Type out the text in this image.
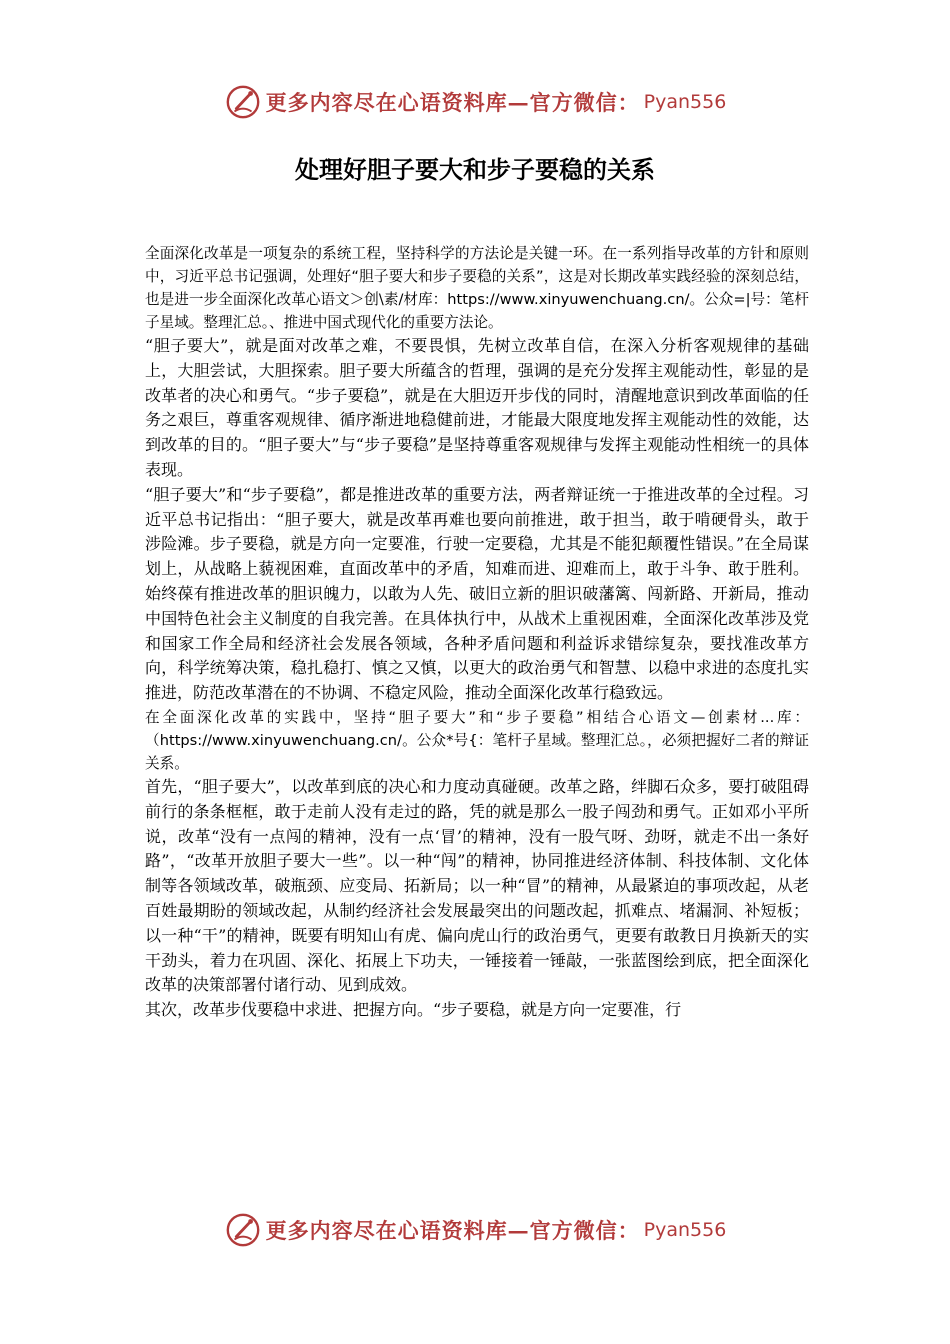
更多内容尽在心语资料库—官方微信： Pyan556
处理好胆子要大和步子要稳的关系

全面深化改革是一项复杂的系统工程，坚持科学的方法论是关键一环。在一系列指导改革的方针和原则中，习近平总书记强调，处理好“胆子要大和步子要稳的关系”，这是对长期改革实践经验的深刻总结，也是进一步全面深化改革心语文＞创\素/材库：https://www.xinyuwenchuang.cn/。公众=|号：笔杆子星域。整理汇总。、推进中国式现代化的重要方法论。

“胆子要大”，就是面对改革之难，不要畏惧，先树立改革自信，在深入分析客观规律的基础上，大胆尝试，大胆探索。胆子要大所蕴含的哲理，强调的是充分发挥主观能动性，彰显的是改革者的决心和勇气。“步子要稳”，就是在大胆迈开步伐的同时，清醒地意识到改革面临的任务之艰巨，尊重客观规律、循序渐进地稳健前进，才能最大限度地发挥主观能动性的效能，达到改革的目的。“胆子要大”与“步子要稳”是坚持尊重客观规律与发挥主观能动性相统一的具体表现。

“胆子要大”和“步子要稳”，都是推进改革的重要方法，两者辩证统一于推进改革的全过程。习近平总书记指出：“胆子要大，就是改革再难也要向前推进，敢于担当，敢于啃硬骨头，敢于涉险滩。步子要稳，就是方向一定要准，行驶一定要稳，尤其是不能犯颠覆性错误。”在全局谋划上，从战略上藐视困难，直面改革中的矛盾，知难而进、迎难而上，敢于斗争、敢于胜利。始终葆有推进改革的胆识魄力，以敢为人先、破旧立新的胆识破藩篱、闯新路、开新局，推动中国特色社会主义制度的自我完善。在具体执行中，从战术上重视困难，全面深化改革涉及党和国家工作全局和经济社会发展各领域，各种矛盾问题和利益诉求错综复杂，要找准改革方向，科学统筹决策，稳扎稳打、慎之又慎，以更大的政治勇气和智慧、以稳中求进的态度扎实推进，防范改革潜在的不协调、不稳定风险，推动全面深化改革行稳致远。

在全面深化改革的实践中，坚持“胆子要大”和“步子要稳”相结合心语文—创素材...库：（https://www.xinyuwenchuang.cn/。公众*号{：笔杆子星域。整理汇总。，必须把握好二者的辩证关系。

首先，“胆子要大”，以改革到底的决心和力度动真碰硬。改革之路，绊脚石众多，要打破阻碍前行的条条框框，敢于走前人没有走过的路，凭的就是那么一股子闯劲和勇气。正如邓小平所说，改革“没有一点闯的精神，没有一点‘冒’的精神，没有一股气呀、劲呀，就走不出一条好路”，“改革开放胆子要大一些”。以一种“闯”的精神，协同推进经济体制、科技体制、文化体制等各领域改革，破瓶颈、应变局、拓新局；以一种“冒”的精神，从最紧迫的事项改起，从老百姓最期盼的领域改起，从制约经济社会发展最突出的问题改起，抓难点、堵漏洞、补短板；以一种“干”的精神，既要有明知山有虎、偏向虎山行的政治勇气，更要有敢教日月换新天的实干劲头，着力在巩固、深化、拓展上下功夫，一锤接着一锤敲，一张蓝图绘到底，把全面深化改革的决策部署付诸行动、见到成效。

其次，改革步伐要稳中求进、把握方向。“步子要稳，就是方向一定要准，行

更多内容尽在心语资料库—官方微信： Pyan556
